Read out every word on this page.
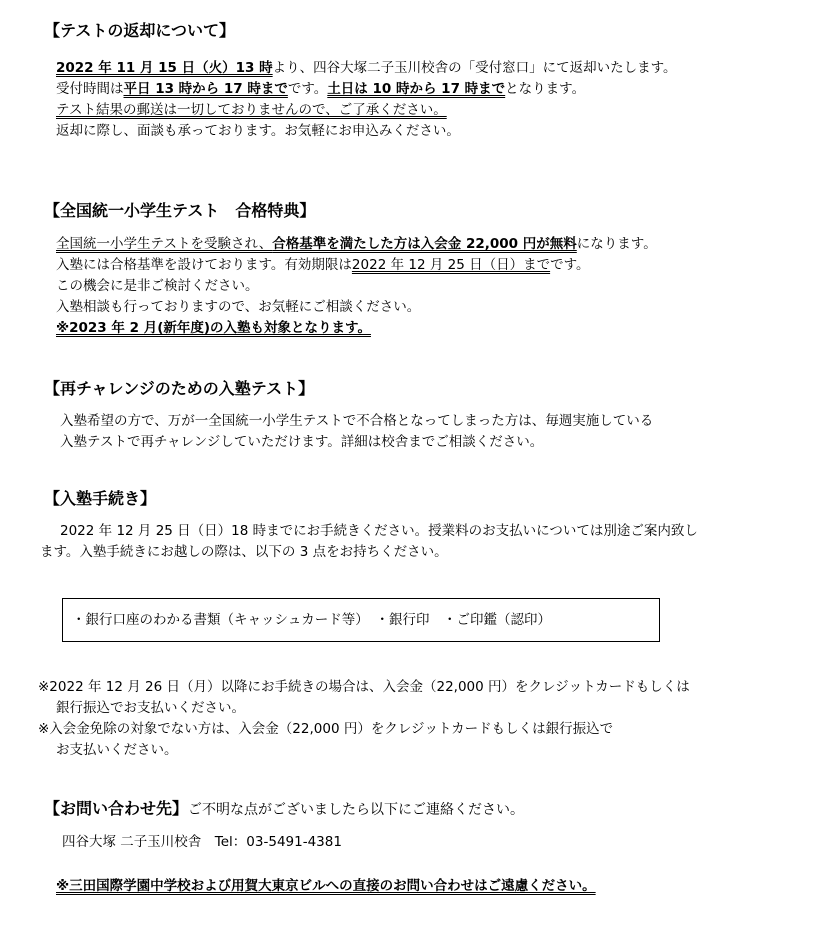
【テストの返却について】
2022 年 11 月 15 日（火）13 時より、四谷大塚二子玉川校舎の「受付窓口」にて返却いたします。
受付時間は平日 13 時から 17 時までです。土日は 10 時から 17 時までとなります。
テスト結果の郵送は一切しておりませんので、ご了承ください。
返却に際し、面談も承っております。お気軽にお申込みください。
【全国統一小学生テスト　合格特典】
全国統一小学生テストを受験され、合格基準を満たした方は入会金 22,000 円が無料になります。
入塾には合格基準を設けております。有効期限は2022 年 12 月 25 日（日）までです。
この機会に是非ご検討ください。
入塾相談も行っておりますので、お気軽にご相談ください。
※2023 年 2 月(新年度)の入塾も対象となります。
【再チャレンジのための入塾テスト】
入塾希望の方で、万が一全国統一小学生テストで不合格となってしまった方は、毎週実施している
入塾テストで再チャレンジしていただけます。詳細は校舎までご相談ください。
【入塾手続き】
2022 年 12 月 25 日（日）18 時までにお手続きください。授業料のお支払いについては別途ご案内致し
ます。入塾手続きにお越しの際は、以下の 3 点をお持ちください。
・銀行口座のわかる書類（キャッシュカード等）　・銀行印　・ご印鑑（認印）
※2022 年 12 月 26 日（月）以降にお手続きの場合は、入会金（22,000 円）をクレジットカードもしくは
銀行振込でお支払いください。
※入会金免除の対象でない方は、入会金（22,000 円）をクレジットカードもしくは銀行振込で
お支払いください。
【お問い合わせ先】ご不明な点がございましたら以下にご連絡ください。
四谷大塚 二子玉川校舎　Tel：03-5491-4381
※三田国際学園中学校および用賀大東京ビルへの直接のお問い合わせはご遠慮ください。
